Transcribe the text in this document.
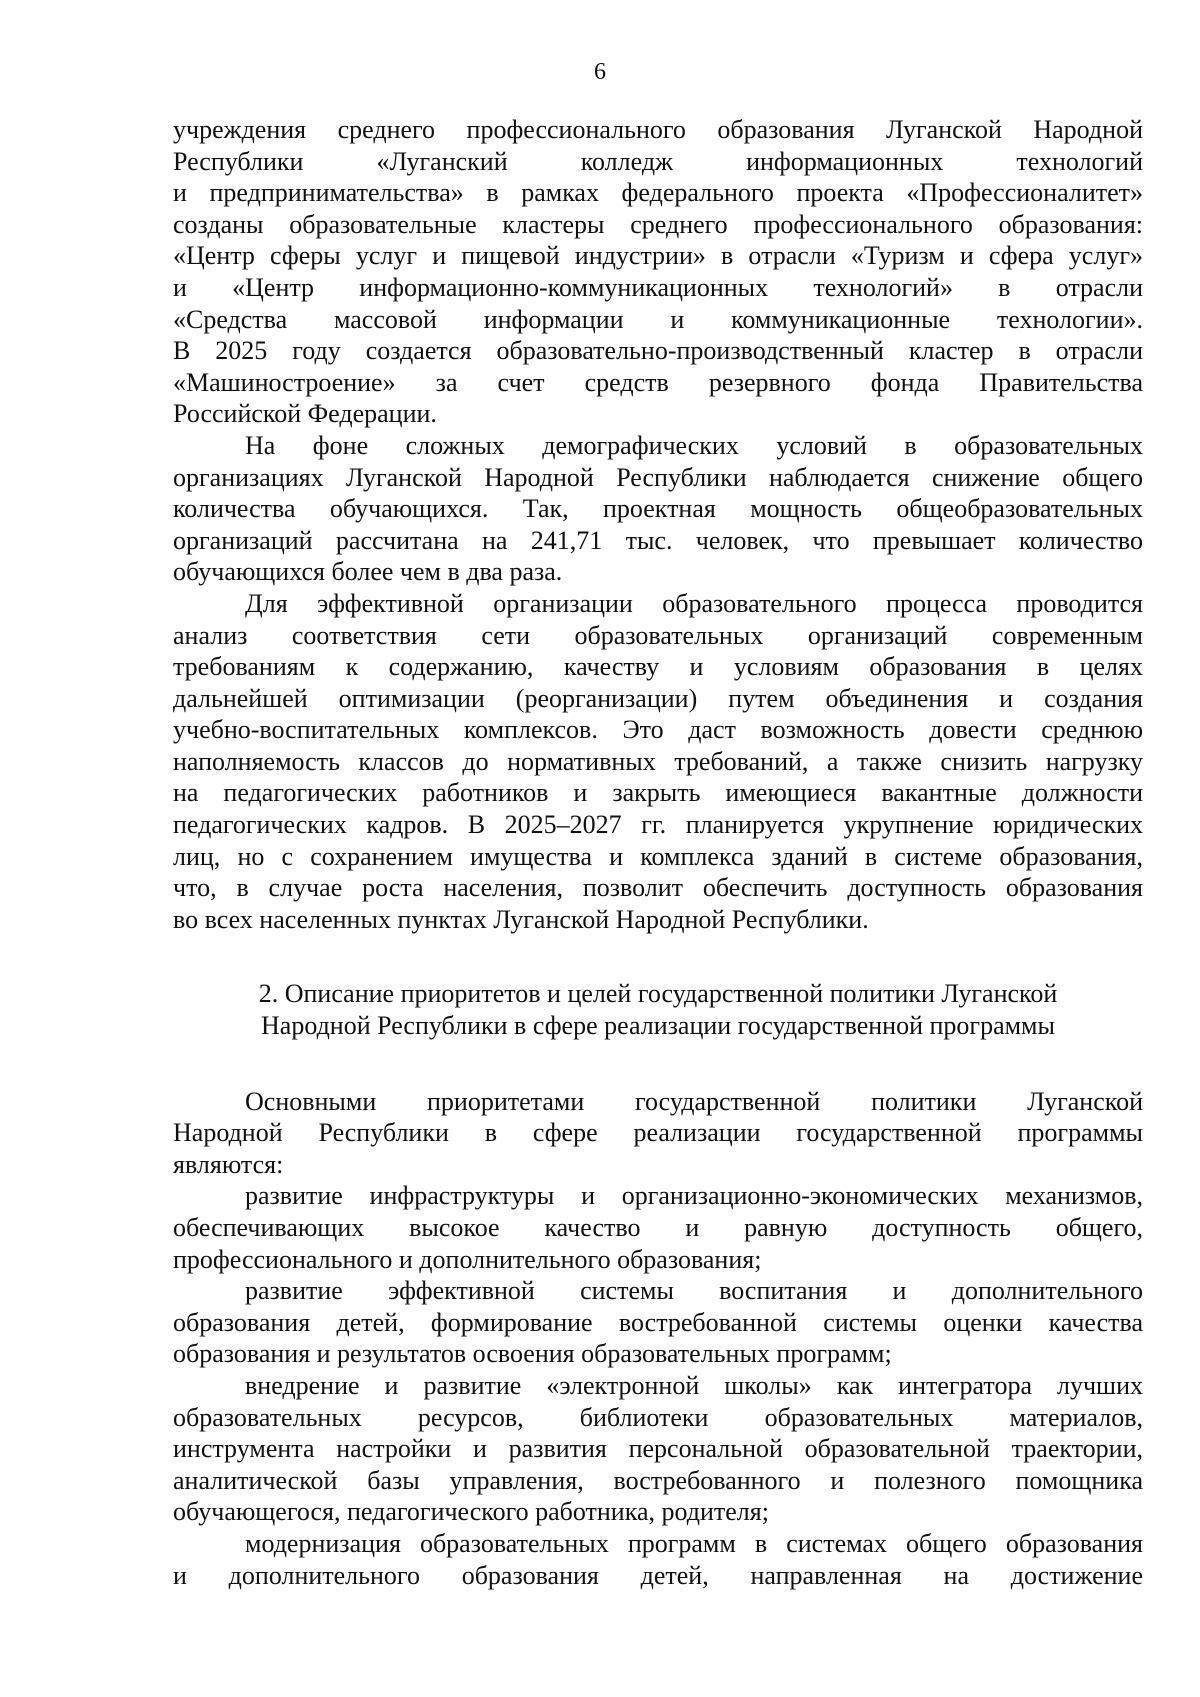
6

учреждения среднего профессионального образования Луганской Народной

Республики «Луганский колледж информационных технологий

и предпринимательства» в рамках федерального проекта «Профессионалитет»

созданы образовательные кластеры среднего профессионального образования:

«Центр сферы услуг и пищевой индустрии» в отрасли «Туризм и сфера услуг»

и «Центр информационно-коммуникационных технологий» в отрасли

«Средства массовой информации и коммуникационные технологии».

В 2025 году создается образовательно-производственный кластер в отрасли

«Машиностроение» за счет средств резервного фонда Правительства

Российской Федерации.

На фоне сложных демографических условий в образовательных

организациях Луганской Народной Республики наблюдается снижение общего

количества обучающихся. Так, проектная мощность общеобразовательных

организаций рассчитана на 241,71 тыс. человек, что превышает количество

обучающихся более чем в два раза.

Для эффективной организации образовательного процесса проводится

анализ соответствия сети образовательных организаций современным

требованиям к содержанию, качеству и условиям образования в целях

дальнейшей оптимизации (реорганизации) путем объединения и создания

учебно-воспитательных комплексов. Это даст возможность довести среднюю

наполняемость классов до нормативных требований, а также снизить нагрузку

на педагогических работников и закрыть имеющиеся вакантные должности

педагогических кадров. В 2025–2027 гг. планируется укрупнение юридических

лиц, но с сохранением имущества и комплекса зданий в системе образования,

что, в случае роста населения, позволит обеспечить доступность образования

во всех населенных пунктах Луганской Народной Республики.

2. Описание приоритетов и целей государственной политики Луганской
Народной Республики в сфере реализации государственной программы

Основными приоритетами государственной политики Луганской

Народной Республики в сфере реализации государственной программы

являются:

развитие инфраструктуры и организационно-экономических механизмов,

обеспечивающих высокое качество и равную доступность общего,

профессионального и дополнительного образования;

развитие эффективной системы воспитания и дополнительного

образования детей, формирование востребованной системы оценки качества

образования и результатов освоения образовательных программ;

внедрение и развитие «электронной школы» как интегратора лучших

образовательных ресурсов, библиотеки образовательных материалов,

инструмента настройки и развития персональной образовательной траектории,

аналитической базы управления, востребованного и полезного помощника

обучающегося, педагогического работника, родителя;

модернизация образовательных программ в системах общего образования

и дополнительного образования детей, направленная на достижение
